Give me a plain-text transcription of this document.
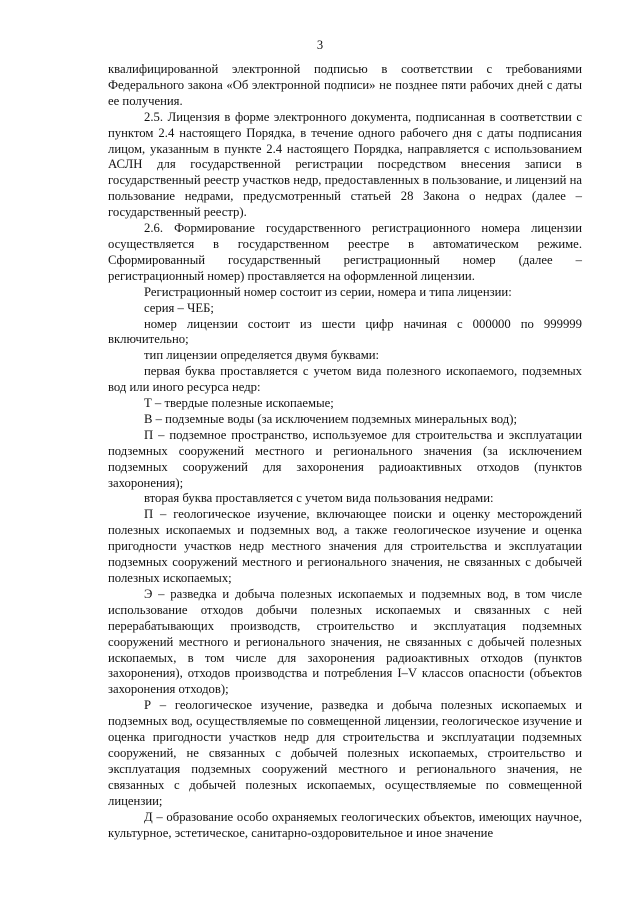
3

квалифицированной электронной подписью в соответствии с требованиями Федерального закона «Об электронной подписи» не позднее пяти рабочих дней с даты ее получения.

2.5. Лицензия в форме электронного документа, подписанная в соответствии с пунктом 2.4 настоящего Порядка, в течение одного рабочего дня с даты подписания лицом, указанным в пункте 2.4 настоящего Порядка, направляется с использованием АСЛН для государственной регистрации посредством внесения записи в государственный реестр участков недр, предоставленных в пользование, и лицензий на пользование недрами, предусмотренный статьей 28 Закона о недрах (далее – государственный реестр).

2.6. Формирование государственного регистрационного номера лицензии осуществляется в государственном реестре в автоматическом режиме. Сформированный государственный регистрационный номер (далее – регистрационный номер) проставляется на оформленной лицензии.

Регистрационный номер состоит из серии, номера и типа лицензии:

серия – ЧЕБ;

номер лицензии состоит из шести цифр начиная с 000000 по 999999 включительно;

тип лицензии определяется двумя буквами:

первая буква проставляется с учетом вида полезного ископаемого, подземных вод или иного ресурса недр:

Т – твердые полезные ископаемые;

В – подземные воды (за исключением подземных минеральных вод);

П – подземное пространство, используемое для строительства и эксплуатации подземных сооружений местного и регионального значения (за исключением подземных сооружений для захоронения радиоактивных отходов (пунктов захоронения);

вторая буква проставляется с учетом вида пользования недрами:

П – геологическое изучение, включающее поиски и оценку месторождений полезных ископаемых и подземных вод, а также геологическое изучение и оценка пригодности участков недр местного значения для строительства и эксплуатации подземных сооружений местного и регионального значения, не связанных с добычей полезных ископаемых;

Э – разведка и добыча полезных ископаемых и подземных вод, в том числе использование отходов добычи полезных ископаемых и связанных с ней перерабатывающих производств, строительство и эксплуатация подземных сооружений местного и регионального значения, не связанных с добычей полезных ископаемых, в том числе для захоронения радиоактивных отходов (пунктов захоронения), отходов производства и потребления I–V классов опасности (объектов захоронения отходов);

Р – геологическое изучение, разведка и добыча полезных ископаемых и подземных вод, осуществляемые по совмещенной лицензии, геологическое изучение и оценка пригодности участков недр для строительства и эксплуатации подземных сооружений, не связанных с добычей полезных ископаемых, строительство и эксплуатация подземных сооружений местного и регионального значения, не связанных с добычей полезных ископаемых, осуществляемые по совмещенной лицензии;

Д – образование особо охраняемых геологических объектов, имеющих научное, культурное, эстетическое, санитарно-оздоровительное и иное значение
